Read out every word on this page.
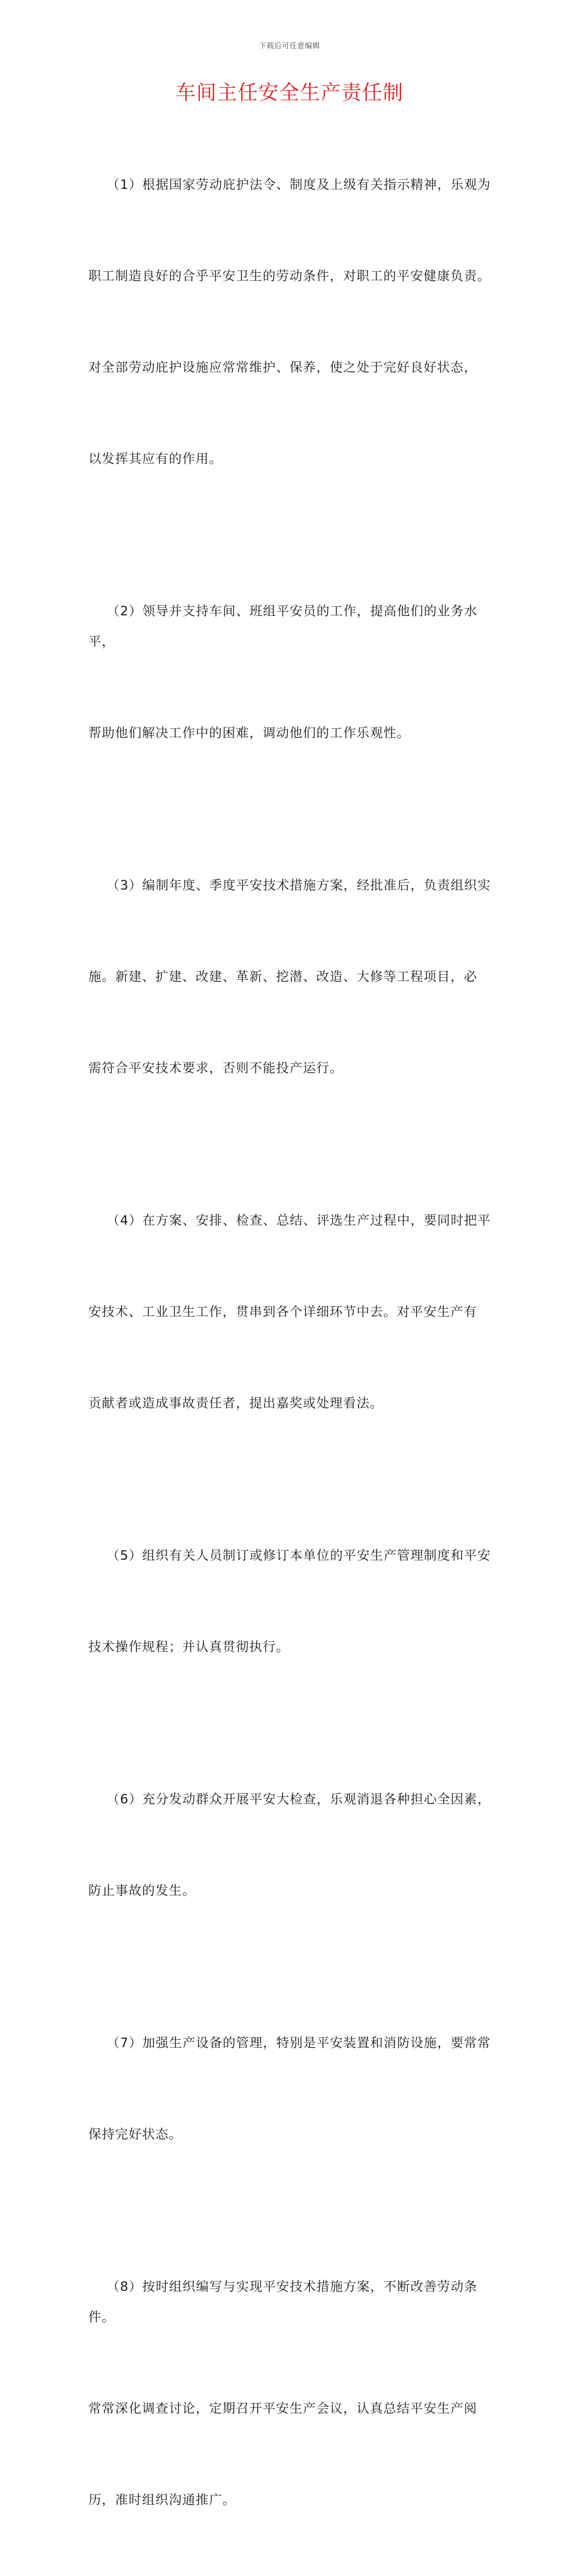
下载后可任意编辑
车间主任安全生产责任制

（1）根据国家劳动庇护法令、制度及上级有关指示精神，乐观为

职工制造良好的合乎平安卫生的劳动条件，对职工的平安健康负责。

对全部劳动庇护设施应常常维护、保养，使之处于完好良好状态，

以发挥其应有的作用。

（2）领导并支持车间、班组平安员的工作，提高他们的业务水平，

帮助他们解决工作中的困难，调动他们的工作乐观性。

（3）编制年度、季度平安技术措施方案，经批准后，负责组织实

施。新建、扩建、改建、革新、挖潜、改造、大修等工程项目，必

需符合平安技术要求，否则不能投产运行。

（4）在方案、安排、检查、总结、评选生产过程中，要同时把平

安技术、工业卫生工作，贯串到各个详细环节中去。对平安生产有

贡献者或造成事故责任者，提出嘉奖或处理看法。

（5）组织有关人员制订或修订本单位的平安生产管理制度和平安

技术操作规程；并认真贯彻执行。

（6）充分发动群众开展平安大检查，乐观消退各种担心全因素，

防止事故的发生。

（7）加强生产设备的管理，特别是平安装置和消防设施，要常常

保持完好状态。

（8）按时组织编写与实现平安技术措施方案，不断改善劳动条件。

常常深化调查讨论，定期召开平安生产会议，认真总结平安生产阅

历，准时组织沟通推广。
